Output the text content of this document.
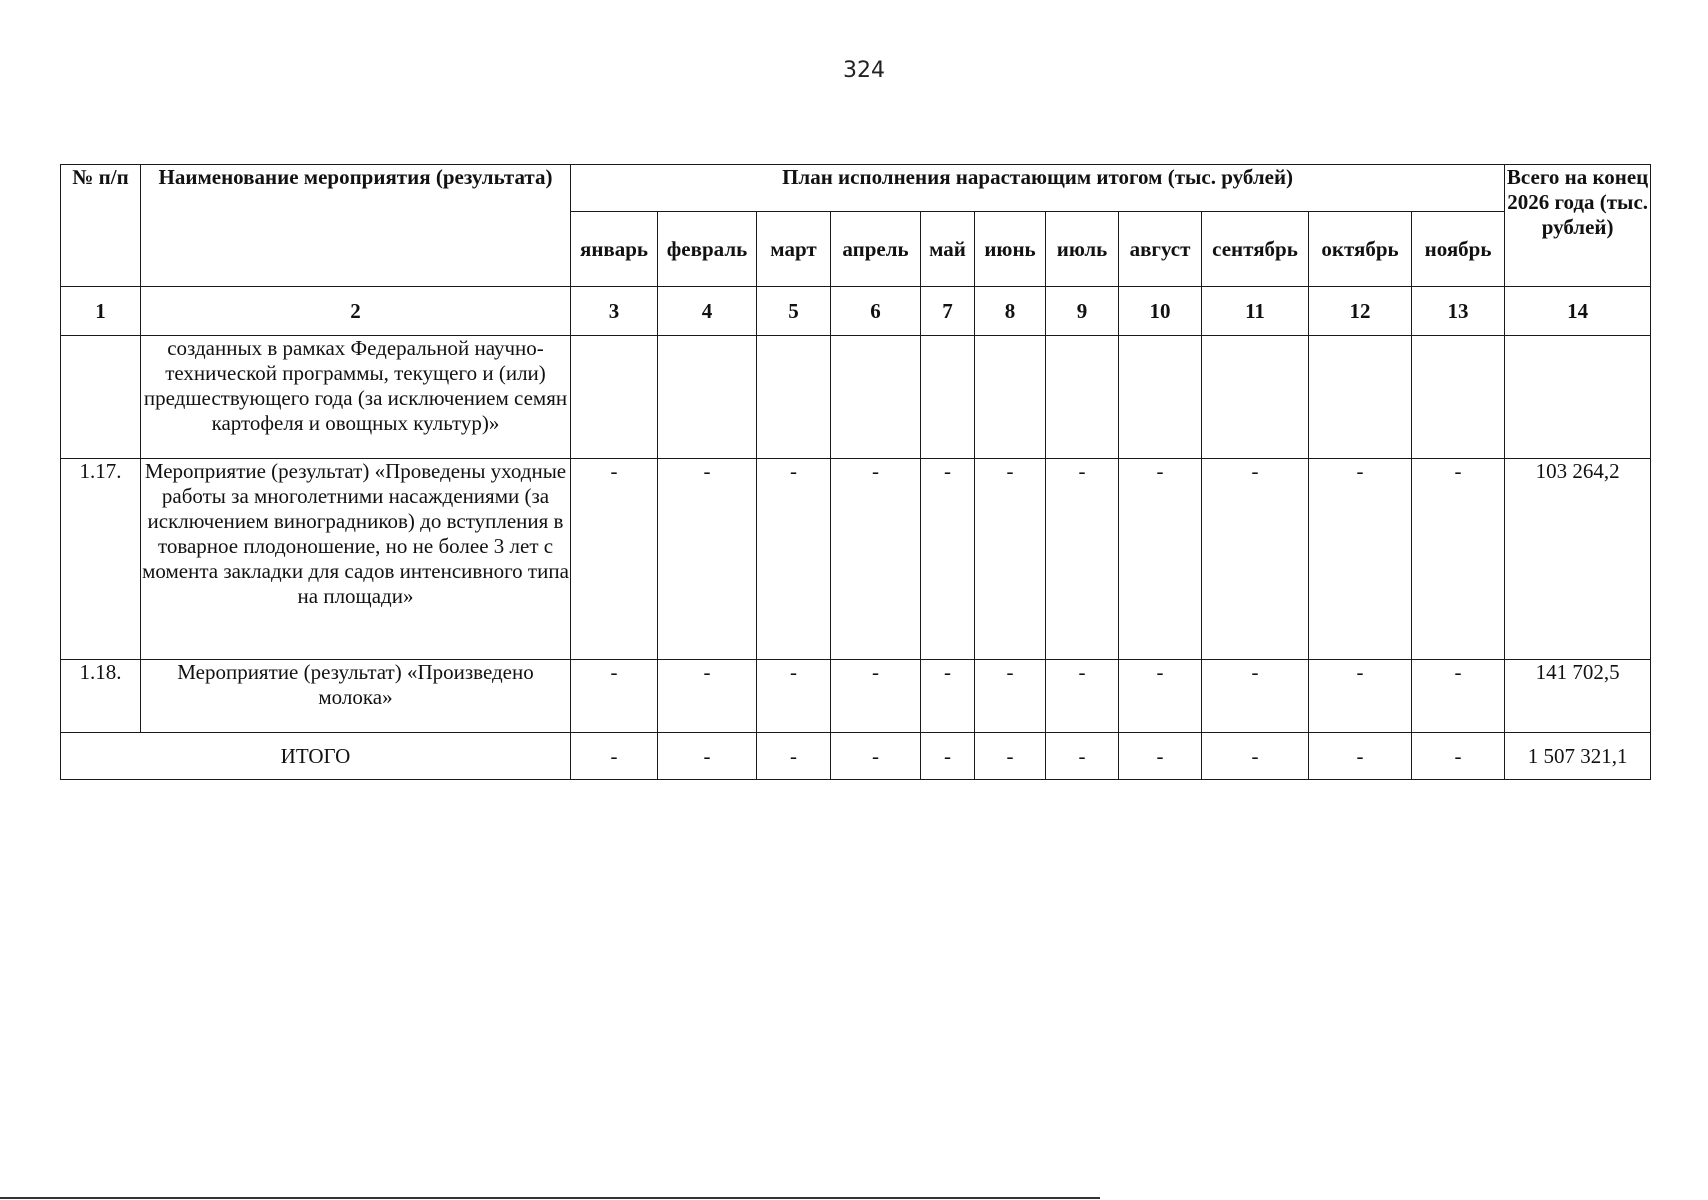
324
№ п/п	Наименование мероприятия (результата)	План исполнения нарастающим итогом (тыс. рублей)											Всего на конец 2026 года (тыс. рублей)
		январь	февраль	март	апрель	май	июнь	июль	август	сентябрь	октябрь	ноябрь	
1	2	3	4	5	6	7	8	9	10	11	12	13	14
	созданных в рамках Федеральной научно-технической программы, текущего и (или) предшествующего года (за исключением семян картофеля и овощных культур)»												
1.17.	Мероприятие (результат) «Проведены уходные работы за многолетними насаждениями (за исключением виноградников) до вступления в товарное плодоношение, но не более 3 лет с момента закладки для садов интенсивного типа на площади»	-	-	-	-	-	-	-	-	-	-	-	103 264,2
1.18.	Мероприятие (результат) «Произведено молока»	-	-	-	-	-	-	-	-	-	-	-	141 702,5
ИТОГО		-	-	-	-	-	-	-	-	-	-	-	1 507 321,1
